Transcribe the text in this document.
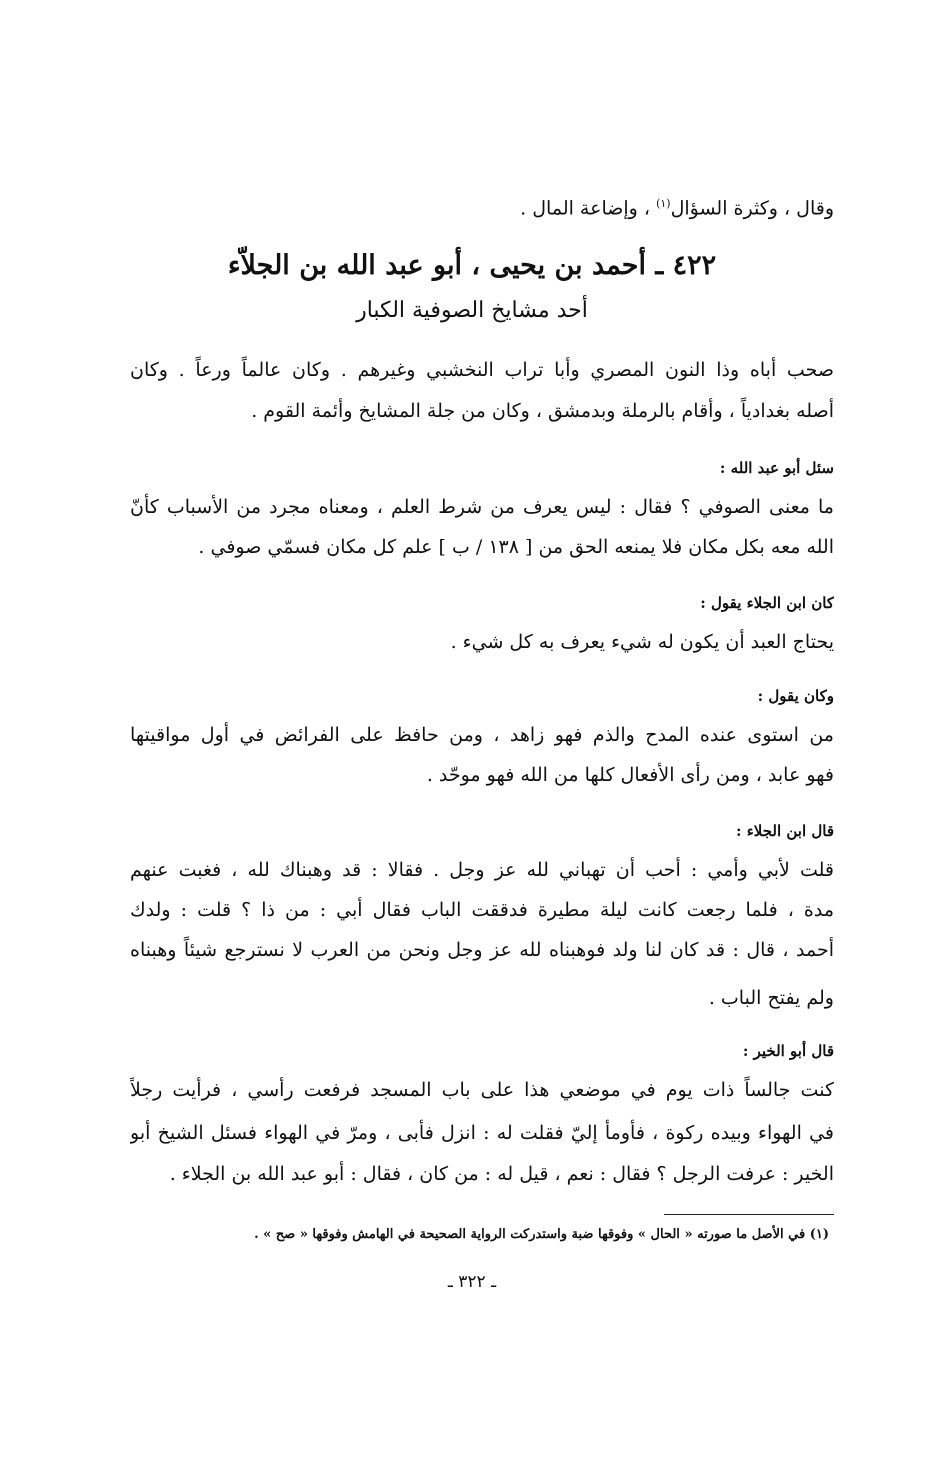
وقال ، وكثرة السؤال$^{(١)}$ ، وإضاعة المال .
٤٢٢ ـ أحمد بن يحيى ، أبو عبد الله بن الجلاّء
أحد مشايخ الصوفية الكبار
صحب أباه وذا النون المصري وأبا تراب النخشبي وغيرهم . وكان عالماً ورعاً . وكان
أصله بغدادياً ، وأقام بالرملة وبدمشق ، وكان من جلة المشايخ وأئمة القوم .
سئل أبو عبد الله :
ما معنى الصوفي ؟ فقال : ليس يعرف من شرط العلم ، ومعناه مجرد من الأسباب كأنّ
الله معه بكل مكان فلا يمنعه الحق من [ ١٣٨ / ب ] علم كل مكان فسمّي صوفي .
كان ابن الجلاء يقول :
يحتاج العبد أن يكون له شيء يعرف به كل شيء .
وكان يقول :
من استوى عنده المدح والذم فهو زاهد ، ومن حافظ على الفرائض في أول مواقيتها
فهو عابد ، ومن رأى الأفعال كلها من الله فهو موحّد .
قال ابن الجلاء :
قلت لأبي وأمي : أحب أن تهباني لله عز وجل . فقالا : قد وهبناك لله ، فغبت عنهم
مدة ، فلما رجعت كانت ليلة مطيرة فدققت الباب فقال أبي : من ذا ؟ قلت : ولدك
أحمد ، قال : قد كان لنا ولد فوهبناه لله عز وجل ونحن من العرب لا نسترجع شيئاً وهبناه
ولم يفتح الباب .
قال أبو الخير :
كنت جالساً ذات يوم في موضعي هذا على باب المسجد فرفعت رأسي ، فرأيت رجلاً
في الهواء وبيده ركوة ، فأومأ إليّ فقلت له : انزل فأبى ، ومرّ في الهواء فسئل الشيخ أبو
الخير : عرفت الرجل ؟ فقال : نعم ، قيل له : من كان ، فقال : أبو عبد الله بن الجلاء .
(١) في الأصل ما صورته « الحال » وفوقها ضبة واستدركت الرواية الصحيحة في الهامش وفوقها « صح » .
ـ ٣٢٢ ـ
